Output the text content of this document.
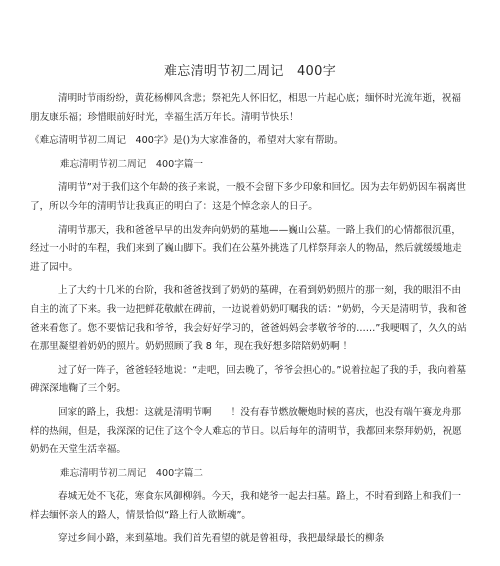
难忘清明节初二周记　400字

清明时节雨纷纷，黄花杨柳风含悲；祭祀先人怀旧忆，相思一片起心底；缅怀时光流年逝，祝福朋友康乐福；珍惜眼前好时光，幸福生活万年长。清明节快乐！

《难忘清明节初二周记　400字》是()为大家准备的，希望对大家有帮助。

难忘清明节初二周记　400字篇一

清明节”对于我们这个年龄的孩子来说，一般不会留下多少印象和回忆。因为去年奶奶因车祸离世了，所以今年的清明节让我真正的明白了：这是个悼念亲人的日子。

清明节那天，我和爸爸早早的出发奔向奶奶的墓地——巍山公墓。一路上我们的心情都很沉重，经过一小时的车程，我们来到了巍山脚下。我们在公墓外挑选了几样祭拜亲人的物品，然后就缓缓地走进了园中。

上了大约十几米的台阶，我和爸爸找到了奶奶的墓碑，在看到奶奶照片的那一刻，我的眼泪不由自主的流了下来。我一边把鲜花敬献在碑前，一边说着奶奶叮嘱我的话：“奶奶，今天是清明节，我和爸爸来看您了。您不要惦记我和爷爷，我会好好学习的，爸爸妈妈会孝敬爷爷的……”我哽咽了，久久的站在那里凝望着奶奶的照片。奶奶照顾了我 8 年，现在我好想多陪陪奶奶啊 ！

过了好一阵子，爸爸轻轻地说：“走吧，回去晚了，爷爷会担心的。”说着拉起了我的手，我向着墓碑深深地鞠了三个躬。

回家的路上，我想：这就是清明节啊　　！没有春节燃放鞭炮时候的喜庆，也没有端午赛龙舟那样的热闹，但是，我深深的记住了这个令人难忘的节日。以后每年的清明节，我都回来祭拜奶奶，祝愿奶奶在天堂生活幸福。

难忘清明节初二周记　400字篇二

春城无处不飞花，寒食东风御柳斜。今天，我和姥爷一起去扫墓。路上，不时看到路上和我们一样去缅怀亲人的路人，情景恰似“路上行人欲断魂”。

穿过乡间小路，来到墓地。我们首先看望的就是曾祖母，我把最绿最长的柳条
